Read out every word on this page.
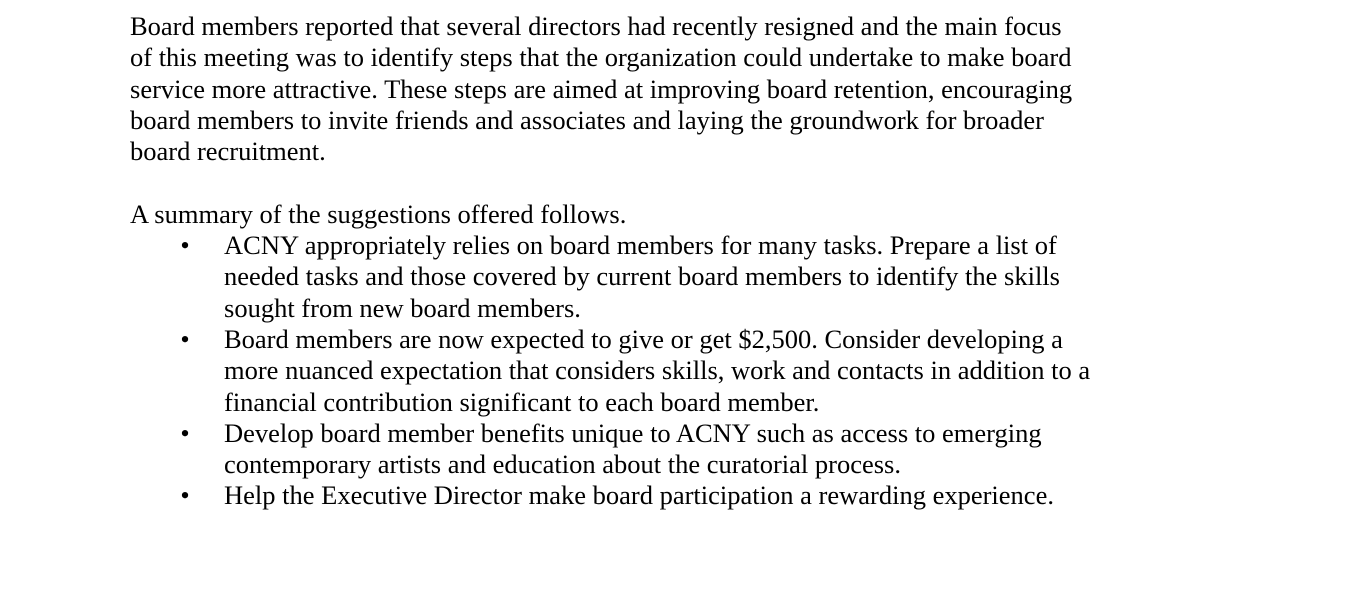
Board members reported that several directors had recently resigned and the main focus
of this meeting was to identify steps that the organization could undertake to make board
service more attractive. These steps are aimed at improving board retention, encouraging
board members to invite friends and associates and laying the groundwork for broader
board recruitment.

A summary of the suggestions offered follows.

• ACNY appropriately relies on board members for many tasks. Prepare a list of
needed tasks and those covered by current board members to identify the skills
sought from new board members.
• Board members are now expected to give or get $2,500. Consider developing a
more nuanced expectation that considers skills, work and contacts in addition to a
financial contribution significant to each board member.
• Develop board member benefits unique to ACNY such as access to emerging
contemporary artists and education about the curatorial process.
• Help the Executive Director make board participation a rewarding experience.
